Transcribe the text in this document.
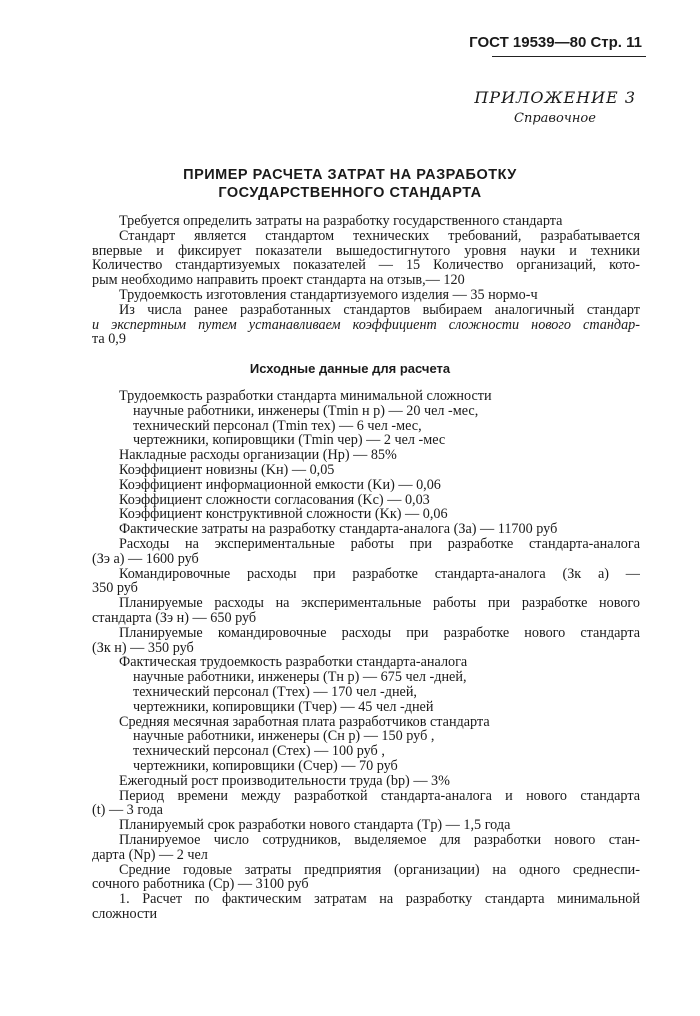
ГОСТ 19539—80 Стр. 11
ПРИЛОЖЕНИЕ 3
Справочное
ПРИМЕР РАСЧЕТА ЗАТРАТ НА РАЗРАБОТКУ
ГОСУДАРСТВЕННОГО СТАНДАРТА
Требуется определить затраты на разработку государственного стандарта
Стандарт является стандартом технических требований, разрабатывается
впервые и фиксирует показатели вышедостигнутого уровня науки и техники
Количество стандартизуемых показателей — 15 Количество организаций, кото-
рым необходимо направить проект стандарта на отзыв,— 120
Трудоемкость изготовления стандартизуемого изделия — 35 нормо-ч
Из числа ранее разработанных стандартов выбираем аналогичный стандарт
и экспертным путем устанавливаем коэффициент сложности нового стандар-
та 0,9
Исходные данные для расчета
Трудоемкость разработки стандарта минимальной сложности
научные работники, инженеры (Tmin н р) — 20 чел -мес,
технический персонал (Tmin тех) — 6 чел -мес,
чертежники, копировщики (Tmin чер) — 2 чел -мес
Накладные расходы организации (Hр) — 85%
Коэффициент новизны (Kн) — 0,05
Коэффициент информационной емкости (Kи) — 0,06
Коэффициент сложности согласования (Kс) — 0,03
Коэффициент конструктивной сложности (Kк) — 0,06
Фактические затраты на разработку стандарта-аналога (За) — 11700 руб
Расходы на экспериментальные работы при разработке стандарта-аналога
(Зэ а) — 1600 руб
Командировочные расходы при разработке стандарта-аналога (Зк а) —
350 руб
Планируемые расходы на экспериментальные работы при разработке нового
стандарта (Зэ н) — 650 руб
Планируемые командировочные расходы при разработке нового стандарта
(Зк н) — 350 руб
Фактическая трудоемкость разработки стандарта-аналога
научные работники, инженеры (Tн р) — 675 чел -дней,
технический персонал (Tтех) — 170 чел -дней,
чертежники, копировщики (Tчер) — 45 чел -дней
Средняя месячная заработная плата разработчиков стандарта
научные работники, инженеры (Cн р) — 150 руб ,
технический персонал (Cтех) — 100 руб ,
чертежники, копировщики (Cчер) — 70 руб
Ежегодный рост производительности труда (bр) — 3%
Период времени между разработкой стандарта-аналога и нового стандарта
(t) — 3 года
Планируемый срок разработки нового стандарта (Tр) — 1,5 года
Планируемое число сотрудников, выделяемое для разработки нового стан-
дарта (Nр) — 2 чел
Средние годовые затраты предприятия (организации) на одного среднеспи-
сочного работника (Cр) — 3100 руб
1. Расчет по фактическим затратам на разработку стандарта минимальной
сложности
